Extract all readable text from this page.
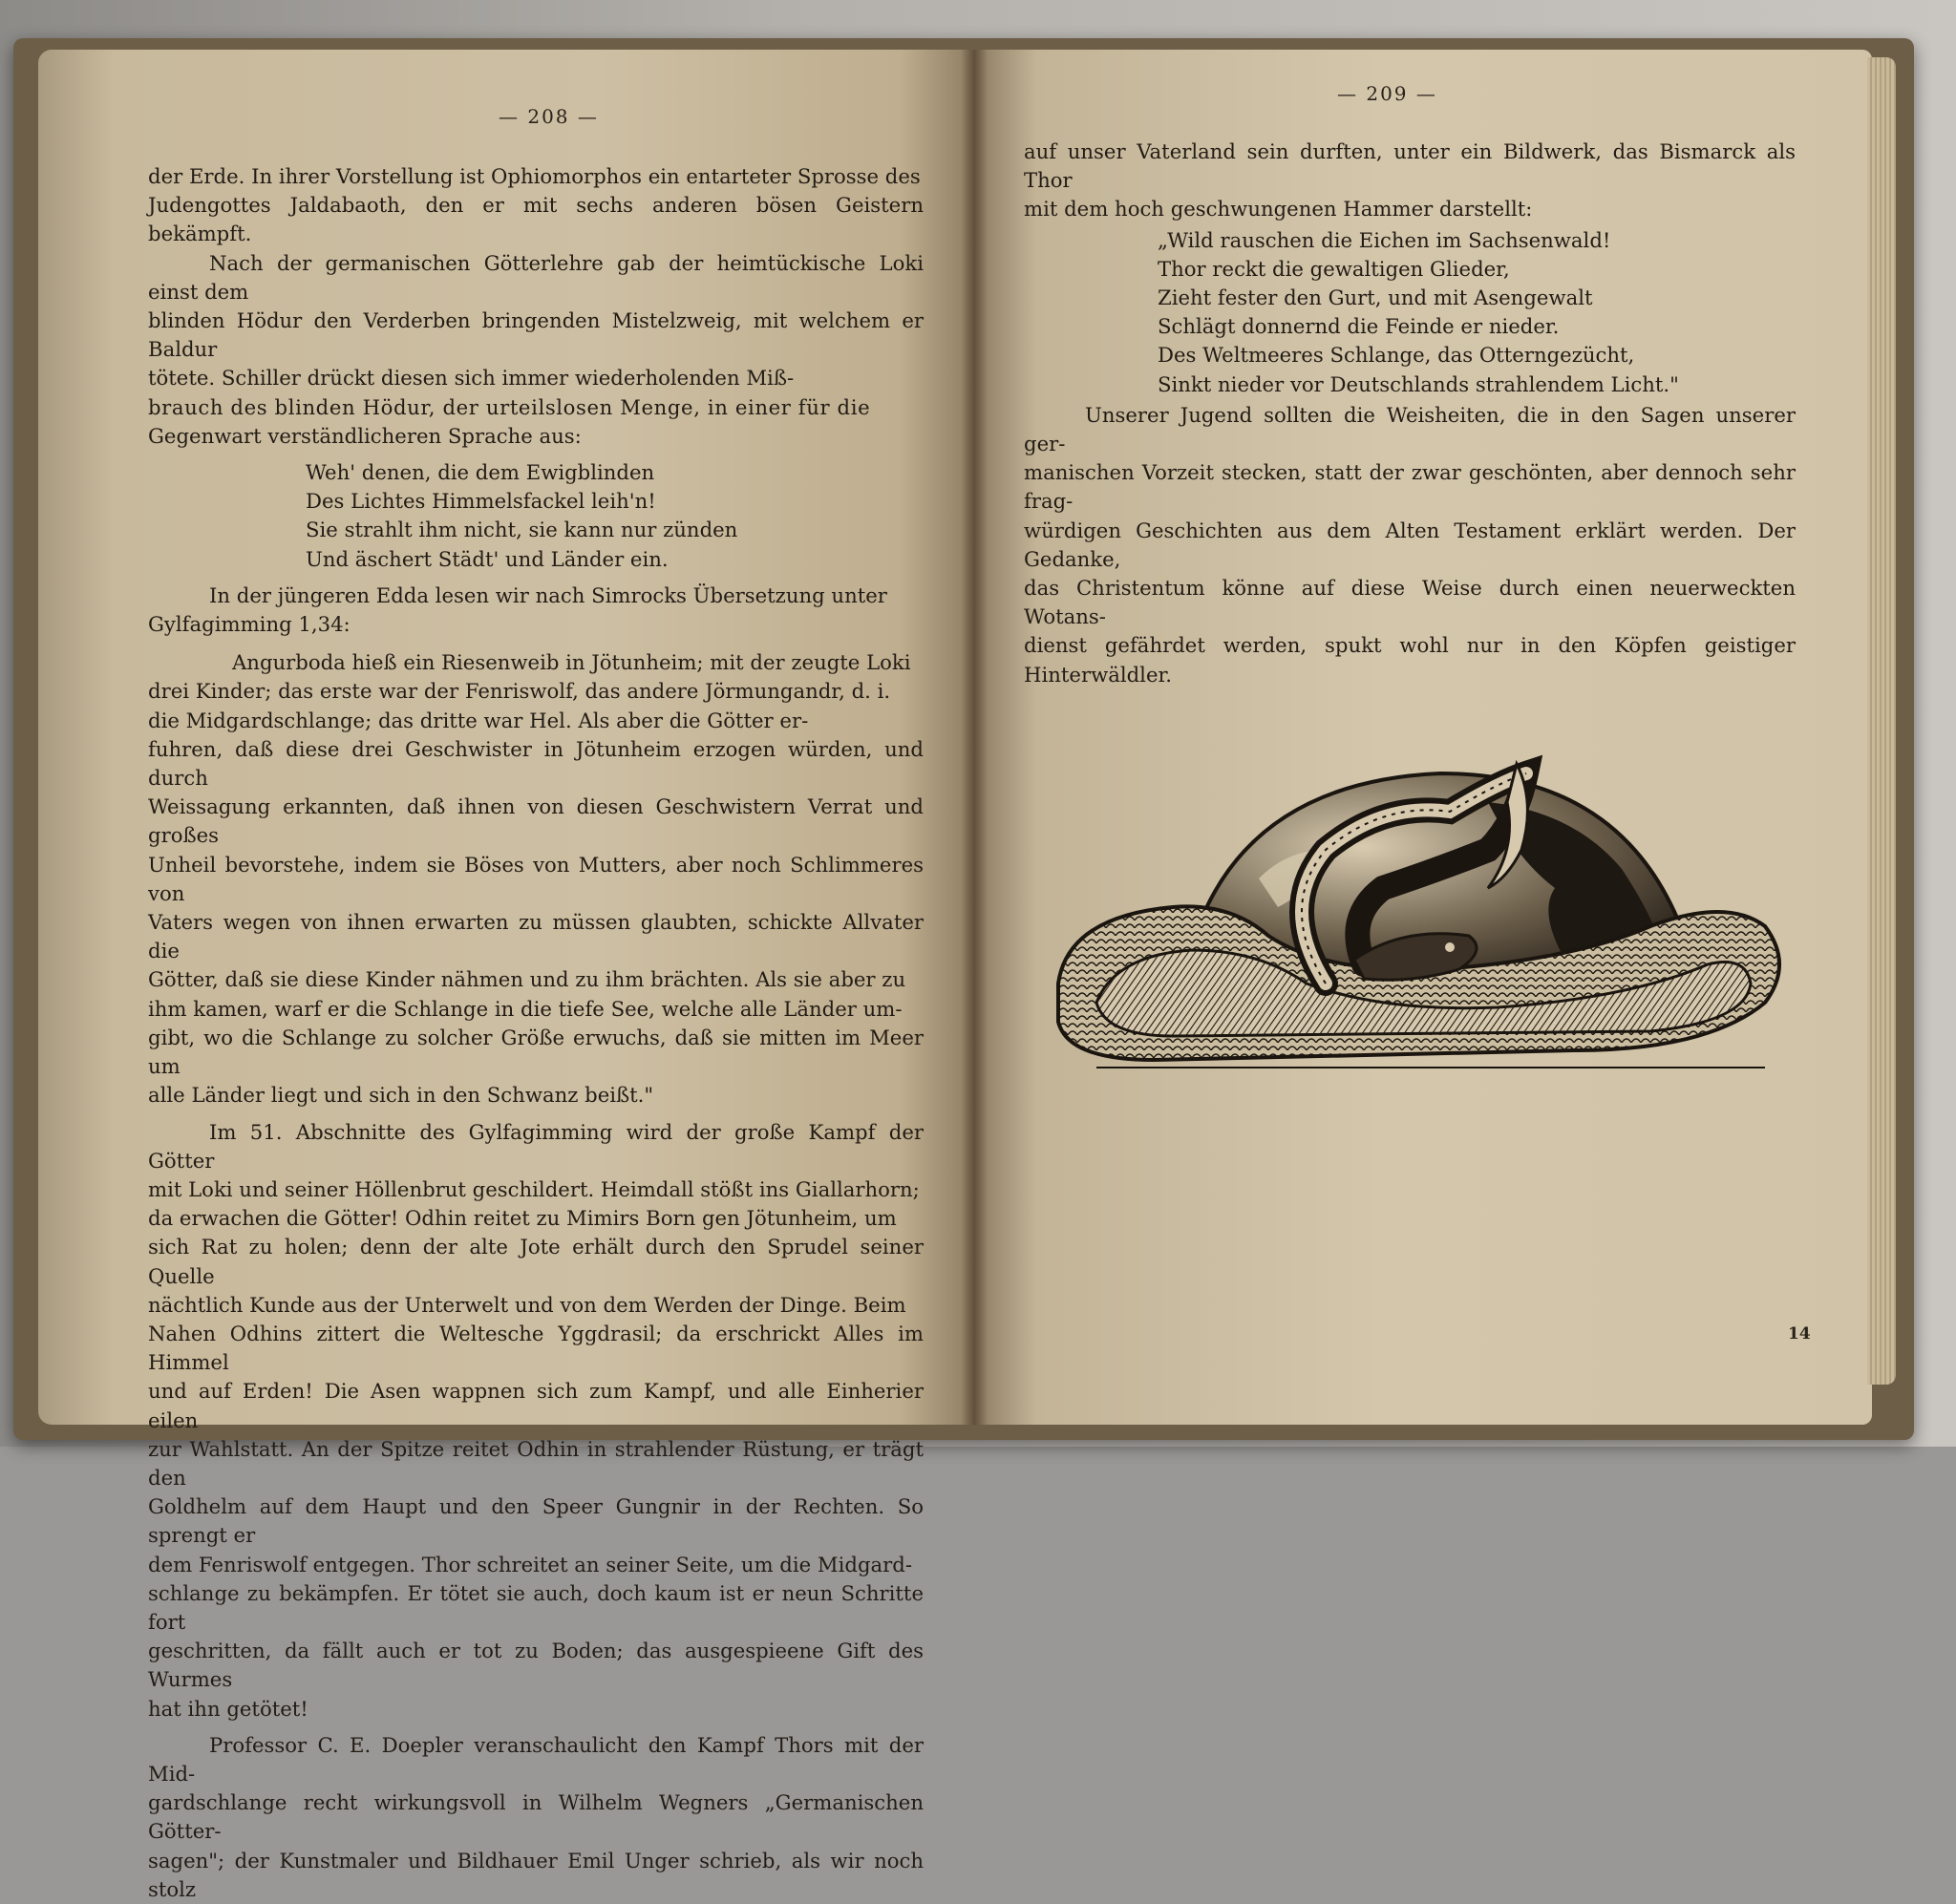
— 208 —

der Erde. In ihrer Vorstellung ist Ophiomorphos ein entarteter Sprosse des

Judengottes Jaldabaoth, den er mit sechs anderen bösen Geistern bekämpft.

Nach der germanischen Götterlehre gab der heimtückische Loki einst dem

blinden Hödur den Verderben bringenden Mistelzweig, mit welchem er Baldur

tötete. Schiller drückt diesen sich immer wiederholenden Miß-

brauch des blinden Hödur, der urteilslosen Menge, in einer für die

Gegenwart verständlicheren Sprache aus:

Weh' denen, die dem Ewigblinden
Des Lichtes Himmelsfackel leih'n!
Sie strahlt ihm nicht, sie kann nur zünden
Und äschert Städt' und Länder ein.

In der jüngeren Edda lesen wir nach Simrocks Übersetzung unter

Gylfagimming 1,34:

Angurboda hieß ein Riesenweib in Jötunheim; mit der zeugte Loki

drei Kinder; das erste war der Fenriswolf, das andere Jörmungandr, d. i.

die Midgardschlange; das dritte war Hel. Als aber die Götter er-

fuhren, daß diese drei Geschwister in Jötunheim erzogen würden, und durch

Weissagung erkannten, daß ihnen von diesen Geschwistern Verrat und großes

Unheil bevorstehe, indem sie Böses von Mutters, aber noch Schlimmeres von

Vaters wegen von ihnen erwarten zu müssen glaubten, schickte Allvater die

Götter, daß sie diese Kinder nähmen und zu ihm brächten. Als sie aber zu

ihm kamen, warf er die Schlange in die tiefe See, welche alle Länder um-

gibt, wo die Schlange zu solcher Größe erwuchs, daß sie mitten im Meer um

alle Länder liegt und sich in den Schwanz beißt."

Im 51. Abschnitte des Gylfagimming wird der große Kampf der Götter

mit Loki und seiner Höllenbrut geschildert. Heimdall stößt ins Giallarhorn;

da erwachen die Götter! Odhin reitet zu Mimirs Born gen Jötunheim, um

sich Rat zu holen; denn der alte Jote erhält durch den Sprudel seiner Quelle

nächtlich Kunde aus der Unterwelt und von dem Werden der Dinge. Beim

Nahen Odhins zittert die Weltesche Yggdrasil; da erschrickt Alles im Himmel

und auf Erden! Die Asen wappnen sich zum Kampf, und alle Einherier eilen

zur Wahlstatt. An der Spitze reitet Odhin in strahlender Rüstung, er trägt den

Goldhelm auf dem Haupt und den Speer Gungnir in der Rechten. So sprengt er

dem Fenriswolf entgegen. Thor schreitet an seiner Seite, um die Midgard-

schlange zu bekämpfen. Er tötet sie auch, doch kaum ist er neun Schritte fort

geschritten, da fällt auch er tot zu Boden; das ausgespieene Gift des Wurmes

hat ihn getötet!

Professor C. E. Doepler veranschaulicht den Kampf Thors mit der Mid-

gardschlange recht wirkungsvoll in Wilhelm Wegners „Germanischen Götter-

sagen"; der Kunstmaler und Bildhauer Emil Unger schrieb, als wir noch stolz

— 209 —

auf unser Vaterland sein durften, unter ein Bildwerk, das Bismarck als Thor

mit dem hoch geschwungenen Hammer darstellt:

„Wild rauschen die Eichen im Sachsenwald!
Thor reckt die gewaltigen Glieder,
Zieht fester den Gurt, und mit Asengewalt
Schlägt donnernd die Feinde er nieder.
Des Weltmeeres Schlange, das Otterngezücht,
Sinkt nieder vor Deutschlands strahlendem Licht."

Unserer Jugend sollten die Weisheiten, die in den Sagen unserer ger-

manischen Vorzeit stecken, statt der zwar geschönten, aber dennoch sehr frag-

würdigen Geschichten aus dem Alten Testament erklärt werden. Der Gedanke,

das Christentum könne auf diese Weise durch einen neuerweckten Wotans-

dienst gefährdet werden, spukt wohl nur in den Köpfen geistiger Hinterwäldler.

14
